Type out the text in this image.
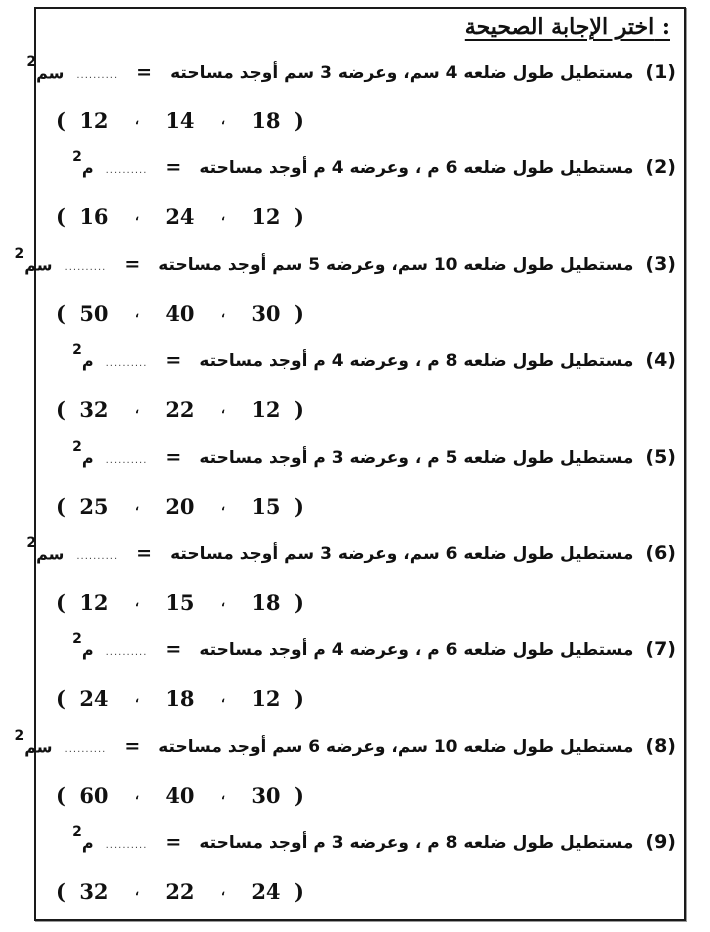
اختر الإجابة الصحيحة :
(1)
مستطيل طول ضلعه 4 سم، وعرضه 3 سم أوجد مساحته
=
..........
سم$^2$
( 12	،	14	،	18 )
(2)
مستطيل طول ضلعه 6 م ، وعرضه 4 م أوجد مساحته
=
..........
م$^2$
( 16	،	24	،	12 )
(3)
مستطيل طول ضلعه 10 سم، وعرضه 5 سم أوجد مساحته
=
..........
سم$^2$
( 50	،	40	،	30 )
(4)
مستطيل طول ضلعه 8 م ، وعرضه 4 م أوجد مساحته
=
..........
م$^2$
( 32	،	22	،	12 )
(5)
مستطيل طول ضلعه 5 م ، وعرضه 3 م أوجد مساحته
=
..........
م$^2$
( 25	،	20	،	15 )
(6)
مستطيل طول ضلعه 6 سم، وعرضه 3 سم أوجد مساحته
=
..........
سم$^2$
( 12	،	15	،	18 )
(7)
مستطيل طول ضلعه 6 م ، وعرضه 4 م أوجد مساحته
=
..........
م$^2$
( 24	،	18	،	12 )
(8)
مستطيل طول ضلعه 10 سم، وعرضه 6 سم أوجد مساحته
=
..........
سم$^2$
( 60	،	40	،	30 )
(9)
مستطيل طول ضلعه 8 م ، وعرضه 3 م أوجد مساحته
=
..........
م$^2$
( 32	،	22	،	24 )
